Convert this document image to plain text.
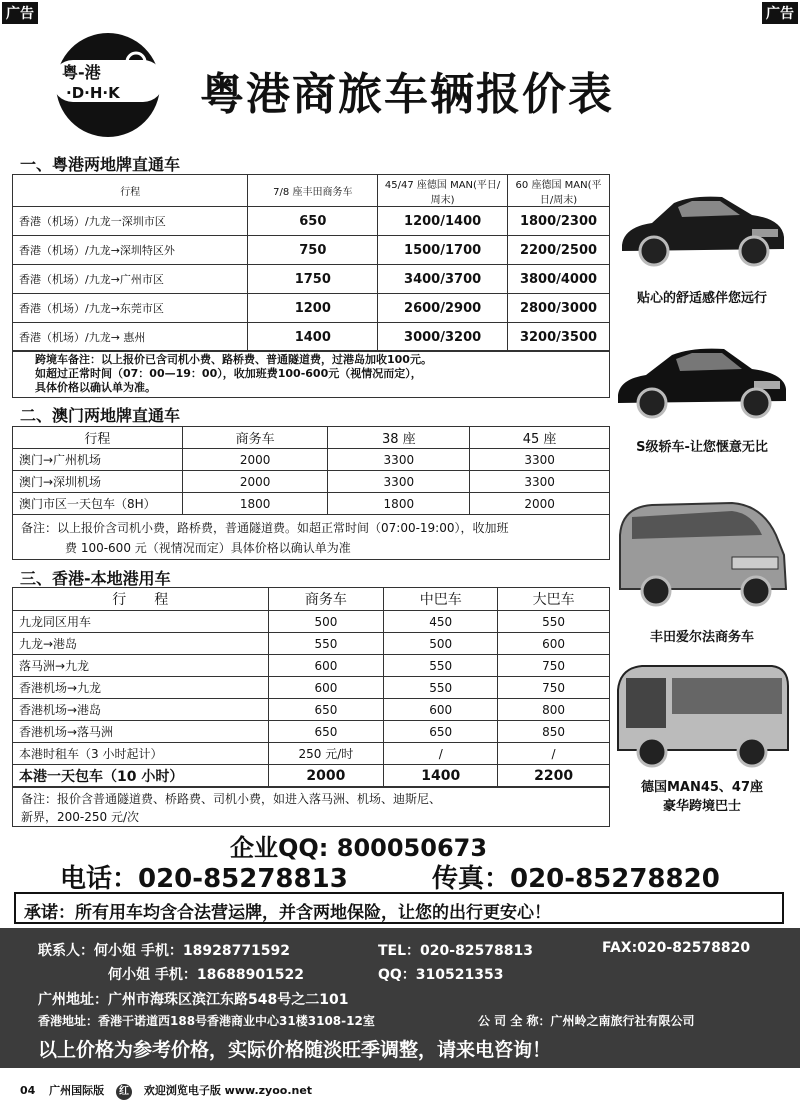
广告	广告
粤-港
·D·H·K 粤港商旅车辆报价表
一、粤港两地牌直通车
行程	7/8 座丰田商务车	45/47 座德国 MAN(平日/周末)	60 座德国 MAN(平日/周末)
香港（机场）/九龙一深圳市区	650	1200/1400	1800/2300
香港（机场）/九龙→深圳特区外	750	1500/1700	2200/2500
香港（机场）/九龙→广州市区	1750	3400/3700	3800/4000
香港（机场）/九龙→东莞市区	1200	2600/2900	2800/3000
香港（机场）/九龙→ 惠州	1400	3000/3200	3200/3500
跨境车备注：以上报价已含司机小费、路桥费、普通隧道费，过港岛加收100元。
如超过正常时间（07：00—19：00），收加班费100-600元（视情况而定），
具体价格以确认单为准。
二、澳门两地牌直通车
行程	商务车	38 座	45 座
澳门→广州机场	2000	3300	3300
澳门→深圳机场	2000	3300	3300
澳门市区一天包车（8H）	1800	1800	2000
备注：以上报价含司机小费，路桥费，普通隧道费。如超正常时间（07:00-19:00），收加班
费 100-600 元（视情况而定）具体价格以确认单为准
三、香港-本地港用车
行　　程	商务车	中巴车	大巴车
九龙同区用车	500	450	550
九龙→港岛	550	500	600
落马洲→九龙	600	550	750
香港机场→九龙	600	550	750
香港机场→港岛	650	600	800
香港机场→落马洲	650	650	850
本港时租车（3 小时起计）	250 元/时	/	/
本港一天包车（10 小时）	2000	1400	2200
备注：报价含普通隧道费、桥路费、司机小费，如进入落马洲、机场、迪斯尼、
新界，200-250 元/次
贴心的舒适感伴您远行
S级轿车-让您惬意无比
丰田爱尔法商务车
德国MAN45、47座
豪华跨境巴士
企业QQ: 800050673
电话：020-85278813	传真：020-85278820
承诺：所有用车均含合法营运牌，并含两地保险，让您的出行更安心！
联系人：何小姐 手机：18928771592	TEL：020-82578813	FAX:020-82578820
何小姐 手机：18688901522	QQ：310521353
广州地址：广州市海珠区滨江东路548号之二101
香港地址：香港干诺道西188号香港商业中心31楼3108-12室	公 司 全 称：广州岭之南旅行社有限公司
以上价格为参考价格，实际价格随淡旺季调整，请来电咨询！
04 广州国际版 红 欢迎浏览电子版 www.zyoo.net
